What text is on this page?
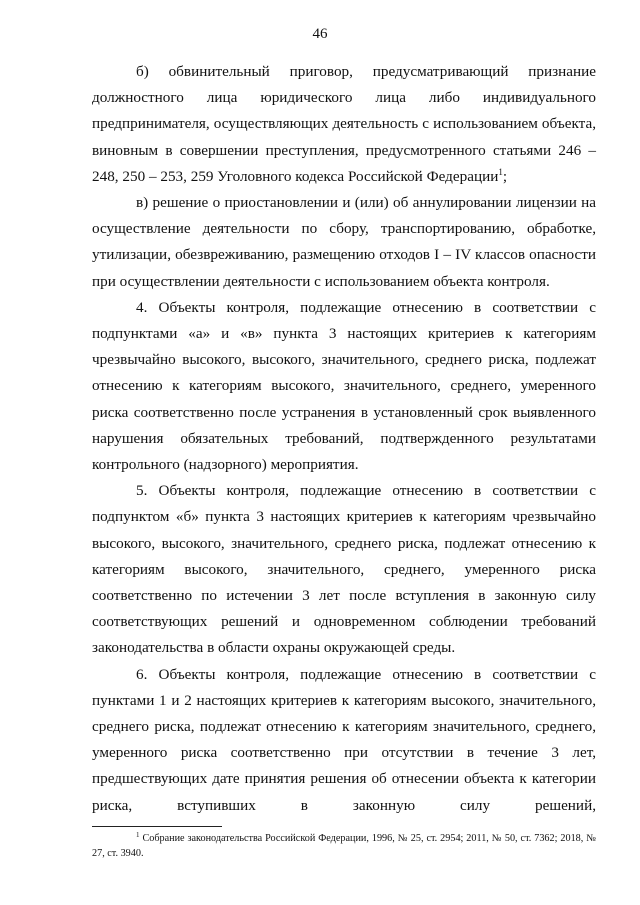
46

б) обвинительный приговор, предусматривающий признание должностного лица юридического лица либо индивидуального предпринимателя, осуществляющих деятельность с использованием объекта, виновным в совершении преступления, предусмотренного статьями 246 – 248, 250 – 253, 259 Уголовного кодекса Российской Федерации$^1$;

в) решение о приостановлении и (или) об аннулировании лицензии на осуществление деятельности по сбору, транспортированию, обработке, утилизации, обезвреживанию, размещению отходов I – IV классов опасности при осуществлении деятельности с использованием объекта контроля.

4. Объекты контроля, подлежащие отнесению в соответствии с подпунктами «а» и «в» пункта 3 настоящих критериев к категориям чрезвычайно высокого, высокого, значительного, среднего риска, подлежат отнесению к категориям высокого, значительного, среднего, умеренного риска соответственно после устранения в установленный срок выявленного нарушения обязательных требований, подтвержденного результатами контрольного (надзорного) мероприятия.

5. Объекты контроля, подлежащие отнесению в соответствии с подпунктом «б» пункта 3 настоящих критериев к категориям чрезвычайно высокого, высокого, значительного, среднего риска, подлежат отнесению к категориям высокого, значительного, среднего, умеренного риска соответственно по истечении 3 лет после вступления в законную силу соответствующих решений и одновременном соблюдении требований законодательства в области охраны окружающей среды.

6. Объекты контроля, подлежащие отнесению в соответствии с пунктами 1 и 2 настоящих критериев к категориям высокого, значительного, среднего риска, подлежат отнесению к категориям значительного, среднего, умеренного риска соответственно при отсутствии в течение 3 лет, предшествующих дате принятия решения об отнесении объекта к категории риска, вступивших в законную силу решений,

$^1$ Собрание законодательства Российской Федерации, 1996, № 25, ст. 2954; 2011, № 50, ст. 7362; 2018, № 27, ст. 3940.
